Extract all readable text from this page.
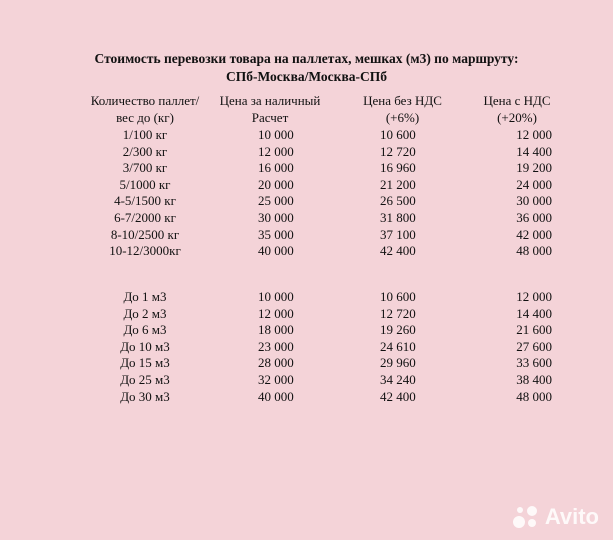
Стоимость перевозки товара на паллетах, мешках (м3) по маршруту:
СПб-Москва/Москва-СПб
Количество паллет/	Цена за наличный	Цена без НДС	Цена с НДС
вес до (кг)	Расчет	(+6%)	(+20%)
1/100 кг	10 000	10 600	12 000
2/300 кг	12 000	12 720	14 400
3/700 кг	16 000	16 960	19 200
5/1000 кг	20 000	21 200	24 000
4-5/1500 кг	25 000	26 500	30 000
6-7/2000 кг	30 000	31 800	36 000
8-10/2500 кг	35 000	37 100	42 000
10-12/3000кг	40 000	42 400	48 000
До 1 м3	10 000	10 600	12 000
До 2 м3	12 000	12 720	14 400
До 6 м3	18 000	19 260	21 600
До 10 м3	23 000	24 610	27 600
До 15 м3	28 000	29 960	33 600
До 25 м3	32 000	34 240	38 400
До 30 м3	40 000	42 400	48 000
Avito
